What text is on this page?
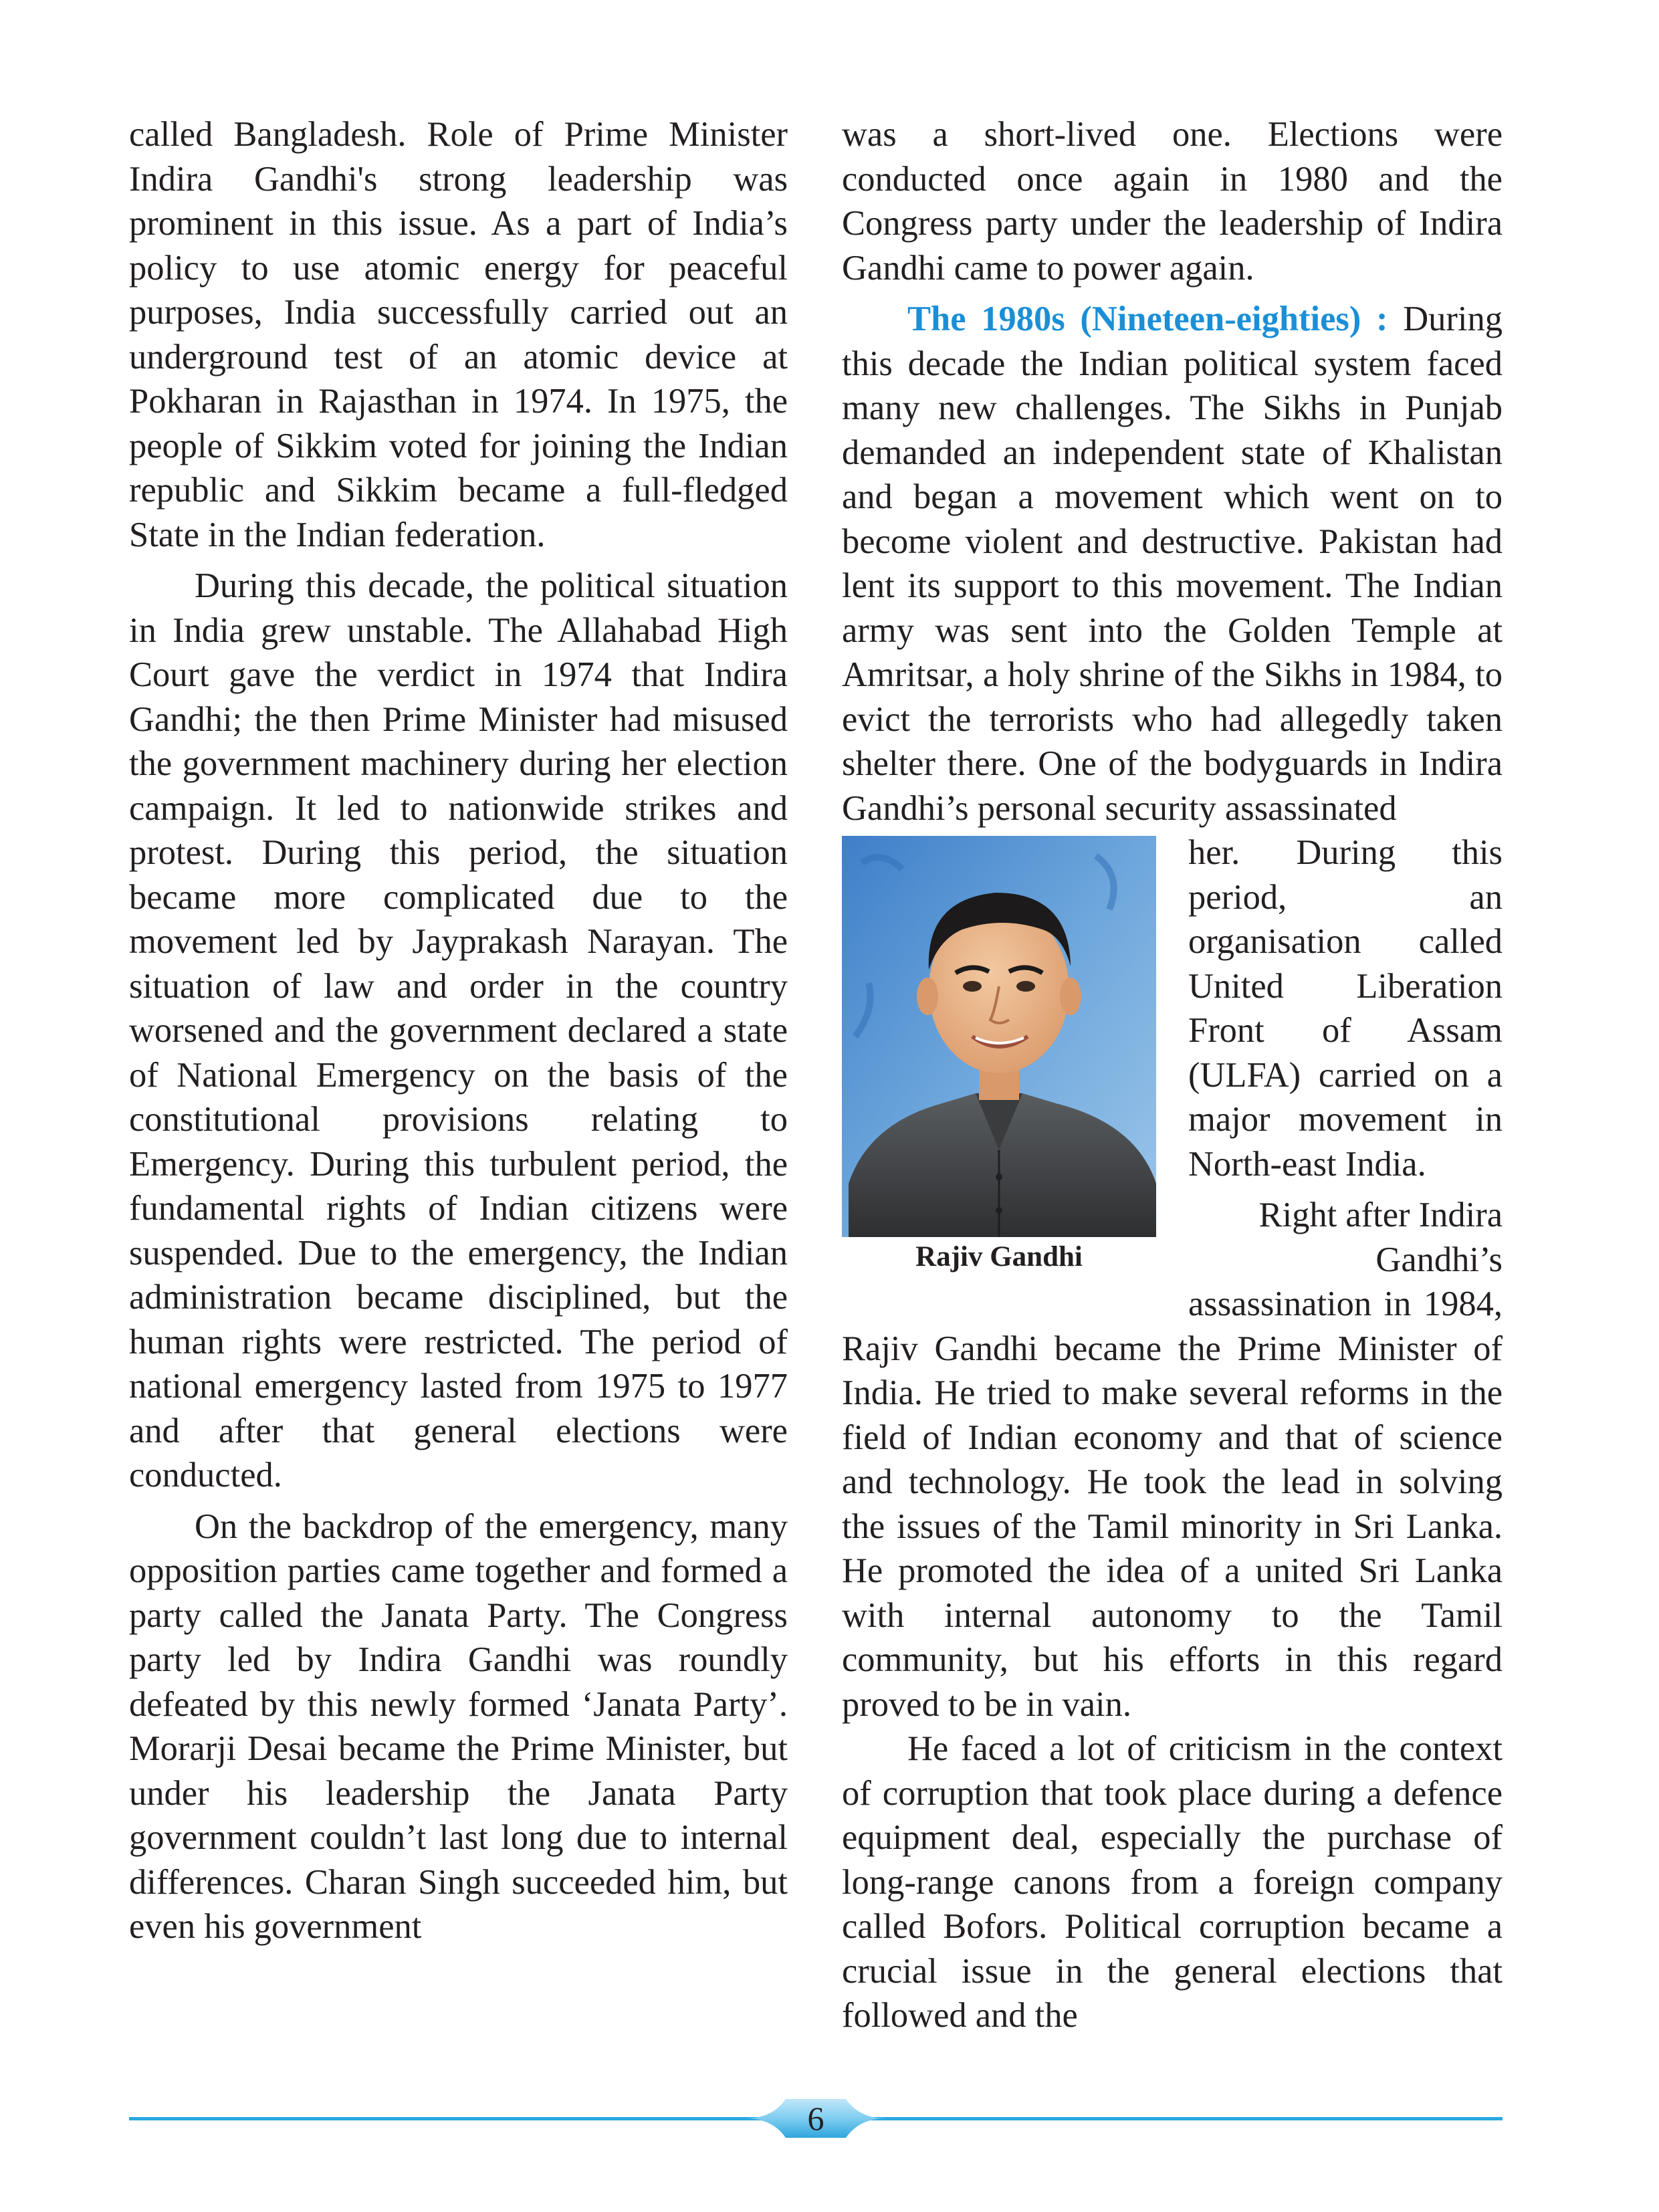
called Bangladesh. Role of Prime Minister Indira Gandhi's strong leadership was prominent in this issue. As a part of India’s policy to use atomic energy for peaceful purposes, India successfully carried out an underground test of an atomic device at Pokharan in Rajasthan in 1974. In 1975, the people of Sikkim voted for joining the Indian republic and Sikkim became a full-fledged State in the Indian federation.

During this decade, the political situation in India grew unstable. The Allahabad High Court gave the verdict in 1974 that Indira Gandhi; the then Prime Minister had misused the government machinery during her election campaign. It led to nationwide strikes and protest. During this period, the situation became more complicated due to the movement led by Jayprakash Narayan. The situation of law and order in the country worsened and the government declared a state of National Emergency on the basis of the constitutional provisions relating to Emergency. During this turbulent period, the fundamental rights of Indian citizens were suspended. Due to the emergency, the Indian administration became disciplined, but the human rights were restricted. The period of national emergency lasted from 1975 to 1977 and after that general elections were conducted.

On the backdrop of the emergency, many opposition parties came together and formed a party called the Janata Party. The Congress party led by Indira Gandhi was roundly defeated by this newly formed ‘Janata Party’. Morarji Desai became the Prime Minister, but under his leadership the Janata Party government couldn’t last long due to internal differences. Charan Singh succeeded him, but even his government

was a short-lived one. Elections were conducted once again in 1980 and the Congress party under the leadership of Indira Gandhi came to power again.

The 1980s (Nineteen-eighties) : During this decade the Indian political system faced many new challenges. The Sikhs in Punjab demanded an independent state of Khalistan and began a movement which went on to become violent and destructive. Pakistan had lent its support to this movement. The Indian army was sent into the Golden Temple at Amritsar, a holy shrine of the Sikhs in 1984, to evict the terrorists who had allegedly taken shelter there. One of the bodyguards in Indira Gandhi’s personal security assassinated

Rajiv Gandhi

her. During this period, an organisation called United Liberation Front of Assam (ULFA) carried on a major movement in North-east India.

Right after Indira Gandhi’s

assassination in 1984, Rajiv Gandhi became the Prime Minister of India. He tried to make several reforms in the field of Indian economy and that of science and technology. He took the lead in solving the issues of the Tamil minority in Sri Lanka. He promoted the idea of a united Sri Lanka with internal autonomy to the Tamil community, but his efforts in this regard proved to be in vain.

He faced a lot of criticism in the context of corruption that took place during a defence equipment deal, especially the purchase of long-range canons from a foreign company called Bofors. Political corruption became a crucial issue in the general elections that followed and the

6
